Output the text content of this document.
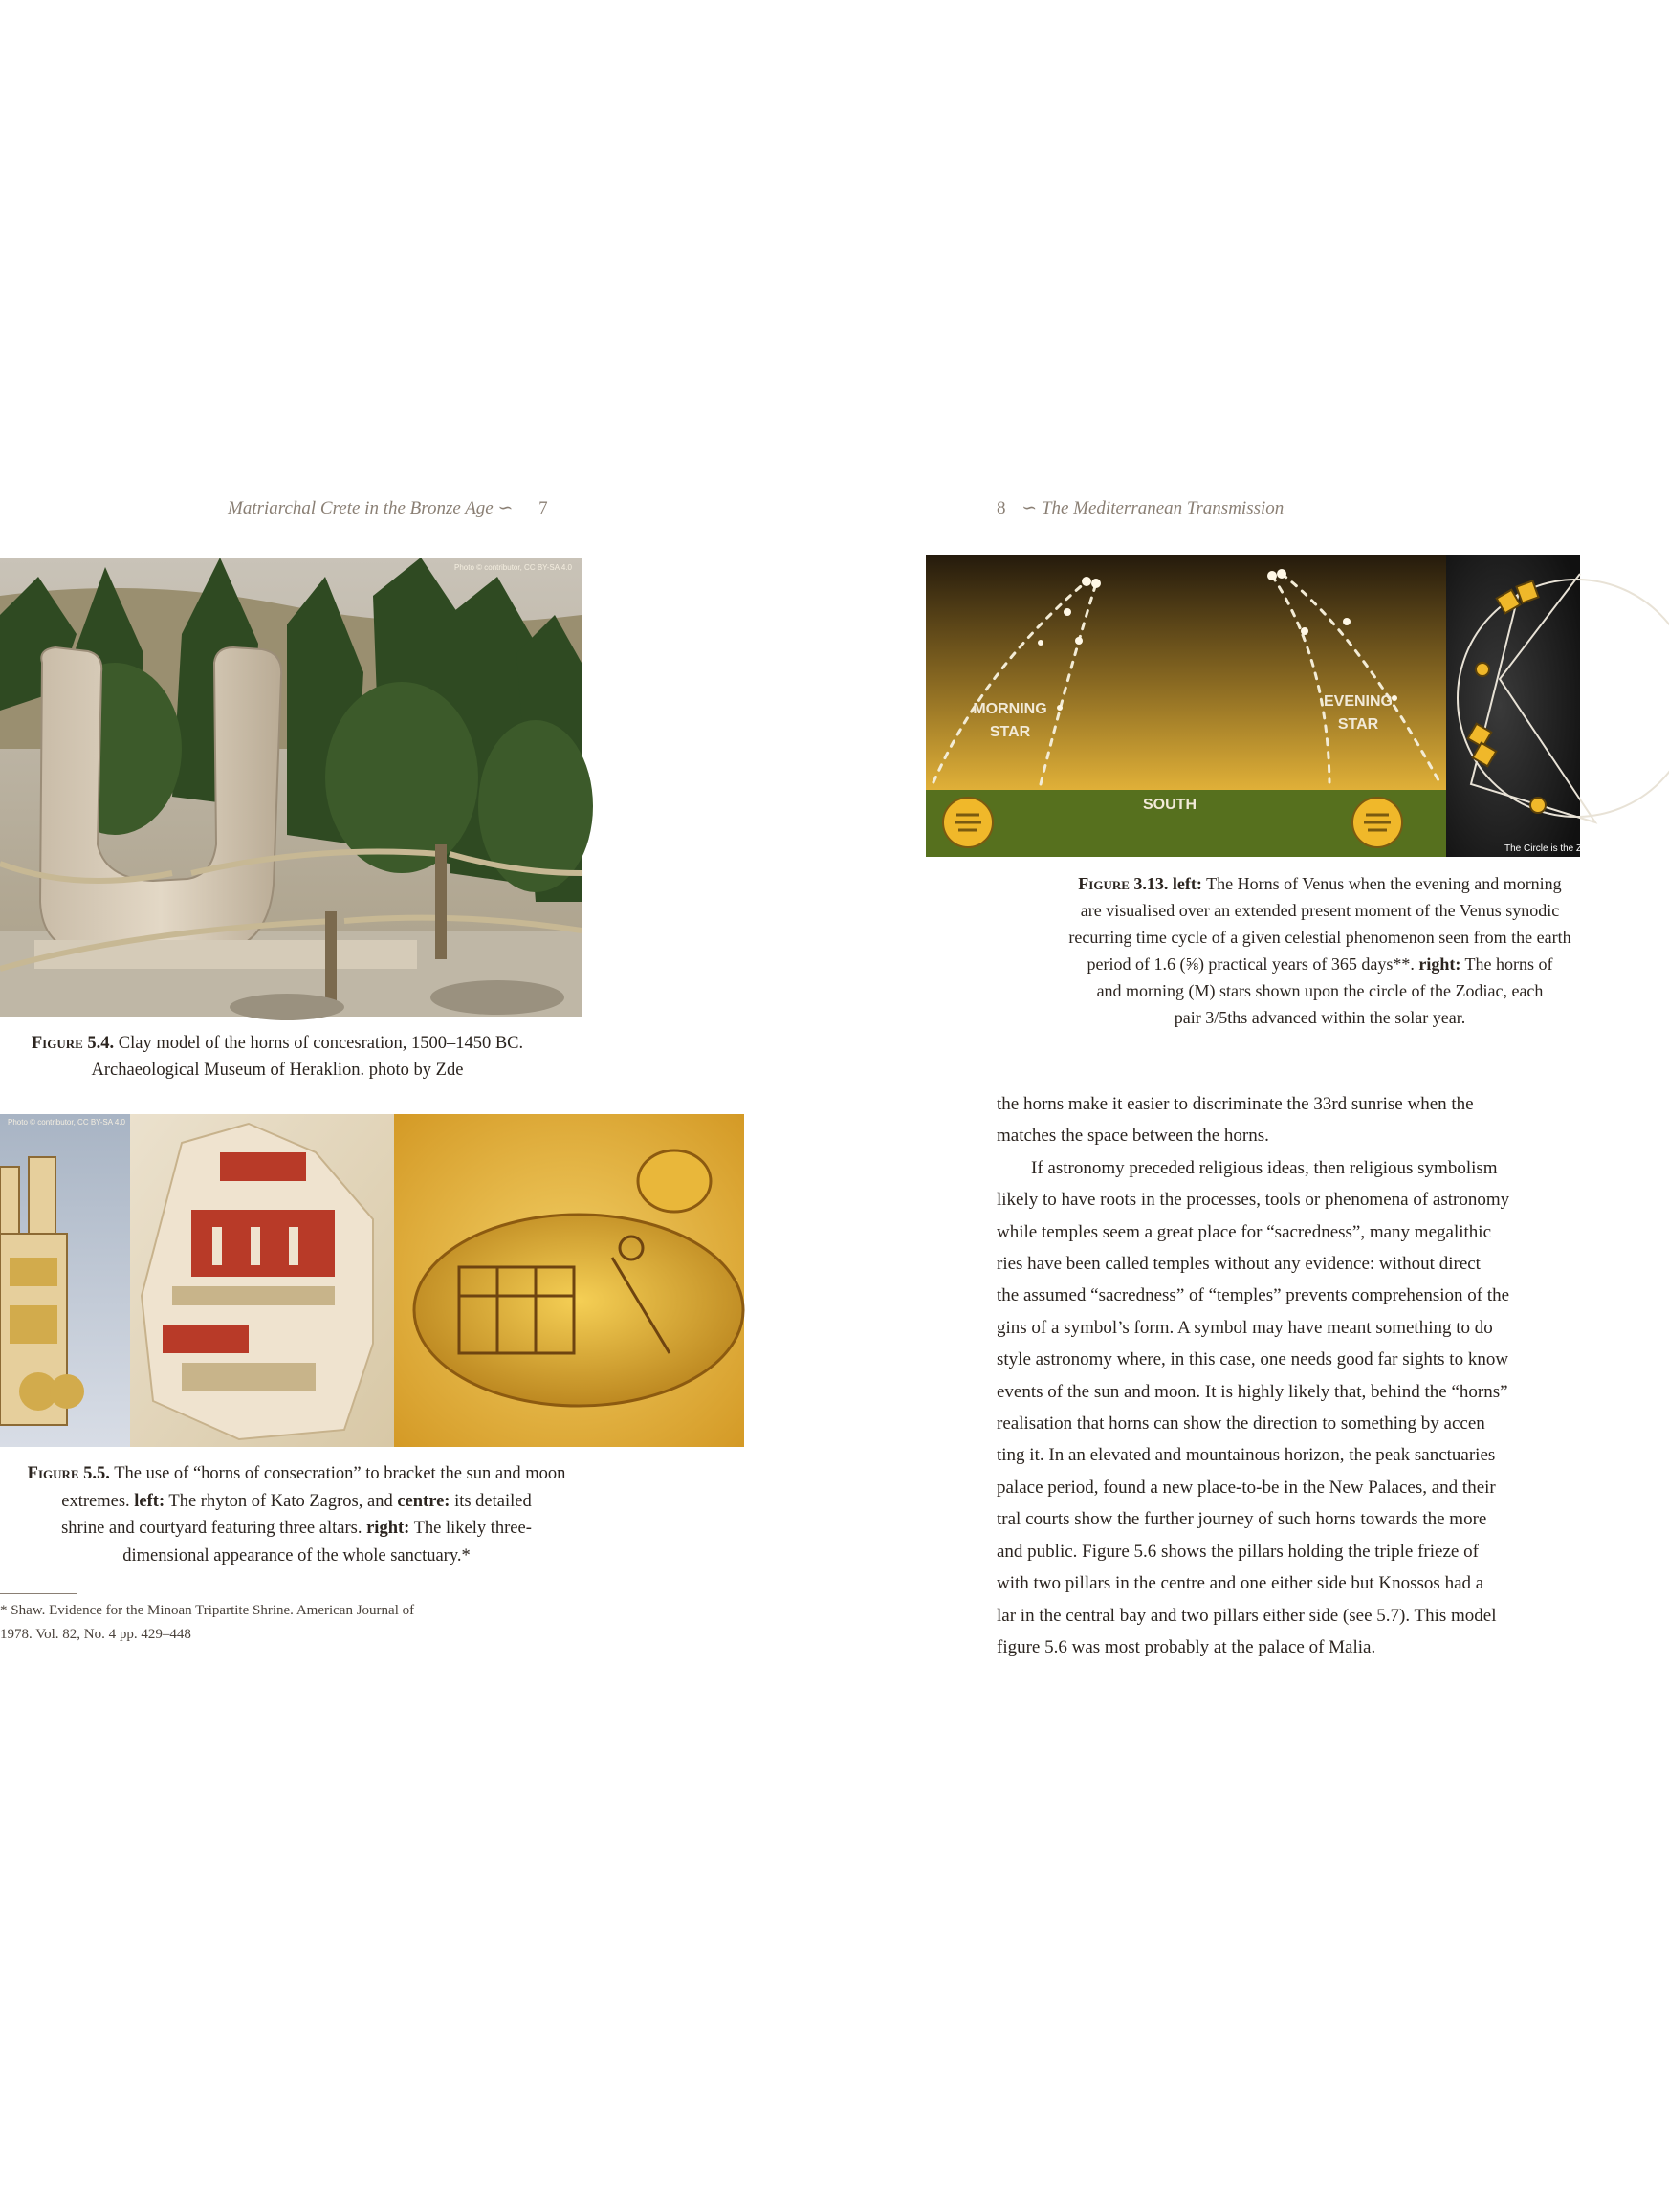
Matriarchal Crete in the Bronze Age ∽ 7
Photo © contributor, CC BY-SA 4.0
Figure 5.4. Clay model of the horns of concesration, 1500–1450 BC.
Archaeological Museum of Heraklion. photo by Zde
Photo © contributor, CC BY-SA 4.0
Figure 5.5. The use of “horns of consecration” to bracket the sun and moon
extremes. left: The rhyton of Kato Zagros, and centre: its detailed
shrine and courtyard featuring three altars. right: The likely three-
dimensional appearance of the whole sanctuary.*
* Shaw. Evidence for the Minoan Tripartite Shrine. American Journal of
1978. Vol. 82, No. 4 pp. 429–448
8 ∽ The Mediterranean Transmission
MORNING
STAR
EVENING
STAR
SOUTH
The Circle is the Zodiac
Figure 3.13. left: The Horns of Venus when the evening and morning
are visualised over an extended present moment of the Venus synodic
recurring time cycle of a given celestial phenomenon seen from the earth
period of 1.6 (⅝) practical years of 365 days**. right: The horns of
and morning (M) stars shown upon the circle of the Zodiac, each
pair 3/5ths advanced within the solar year.

the horns make it easier to discriminate the 33rd sunrise when the

matches the space between the horns.

If astronomy preceded religious ideas, then religious symbolism

likely to have roots in the processes, tools or phenomena of astronomy

while temples seem a great place for “sacredness”, many megalithic

ries have been called temples without any evidence: without direct

the assumed “sacredness” of “temples” prevents comprehension of the

gins of a symbol’s form. A symbol may have meant something to do

style astronomy where, in this case, one needs good far sights to know

events of the sun and moon. It is highly likely that, behind the “horns”

realisation that horns can show the direction to something by accen

ting it. In an elevated and mountainous horizon, the peak sanctuaries

palace period, found a new place-to-be in the New Palaces, and their

tral courts show the further journey of such horns towards the more

and public. Figure 5.6 shows the pillars holding the triple frieze of

with two pillars in the centre and one either side but Knossos had a

lar in the central bay and two pillars either side (see 5.7). This model

figure 5.6 was most probably at the palace of Malia.
